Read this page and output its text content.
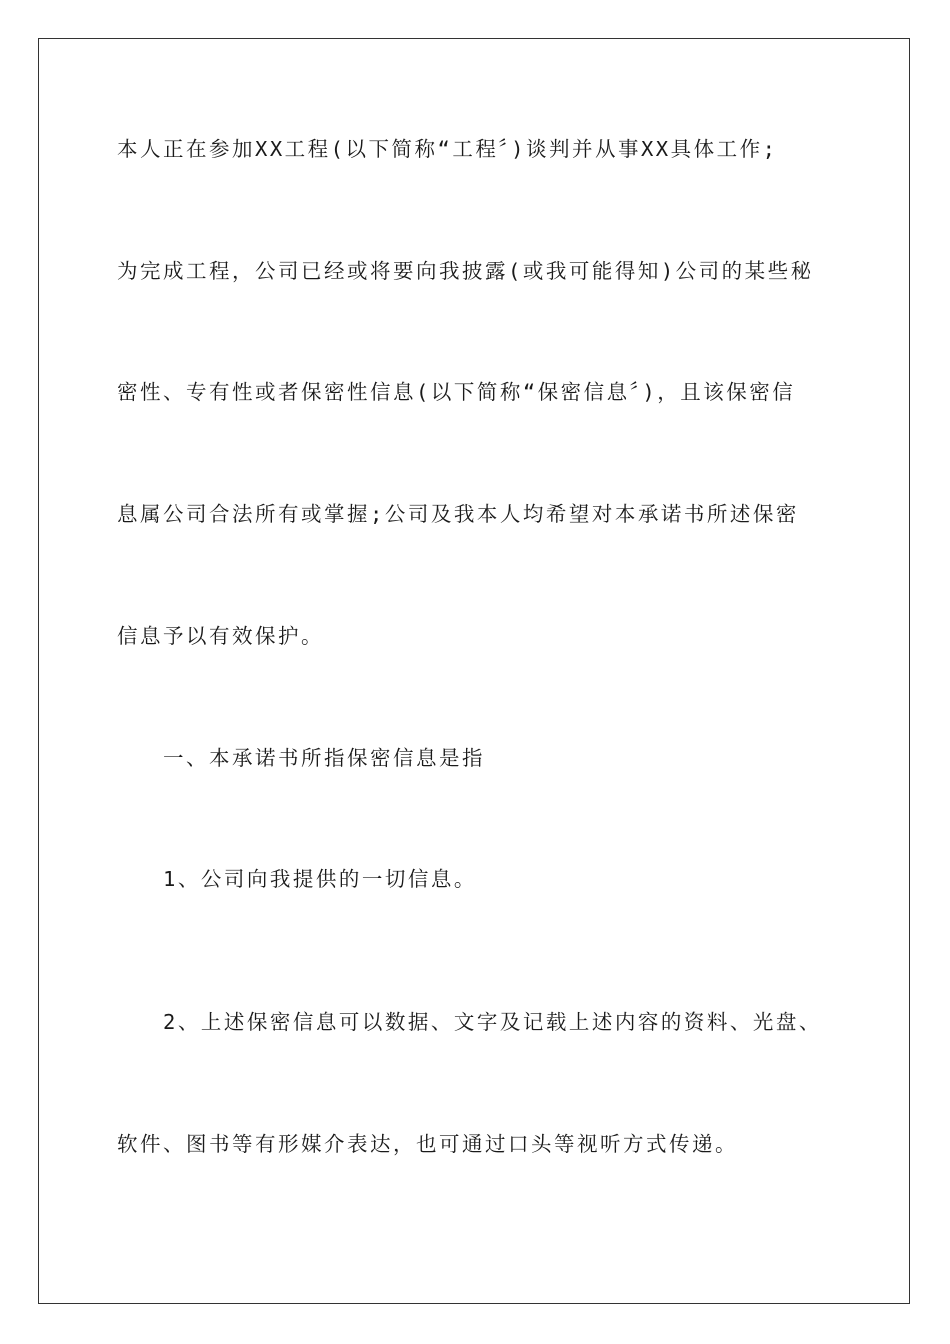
本人正在参加XX工程(以下简称“工程〞)谈判并从事XX具体工作;
为完成工程，公司已经或将要向我披露(或我可能得知)公司的某些秘
密性、专有性或者保密性信息(以下简称“保密信息〞)，且该保密信
息属公司合法所有或掌握;公司及我本人均希望对本承诺书所述保密
信息予以有效保护。
一、本承诺书所指保密信息是指
1、公司向我提供的一切信息。
2、上述保密信息可以数据、文字及记载上述内容的资料、光盘、
软件、图书等有形媒介表达，也可通过口头等视听方式传递。
